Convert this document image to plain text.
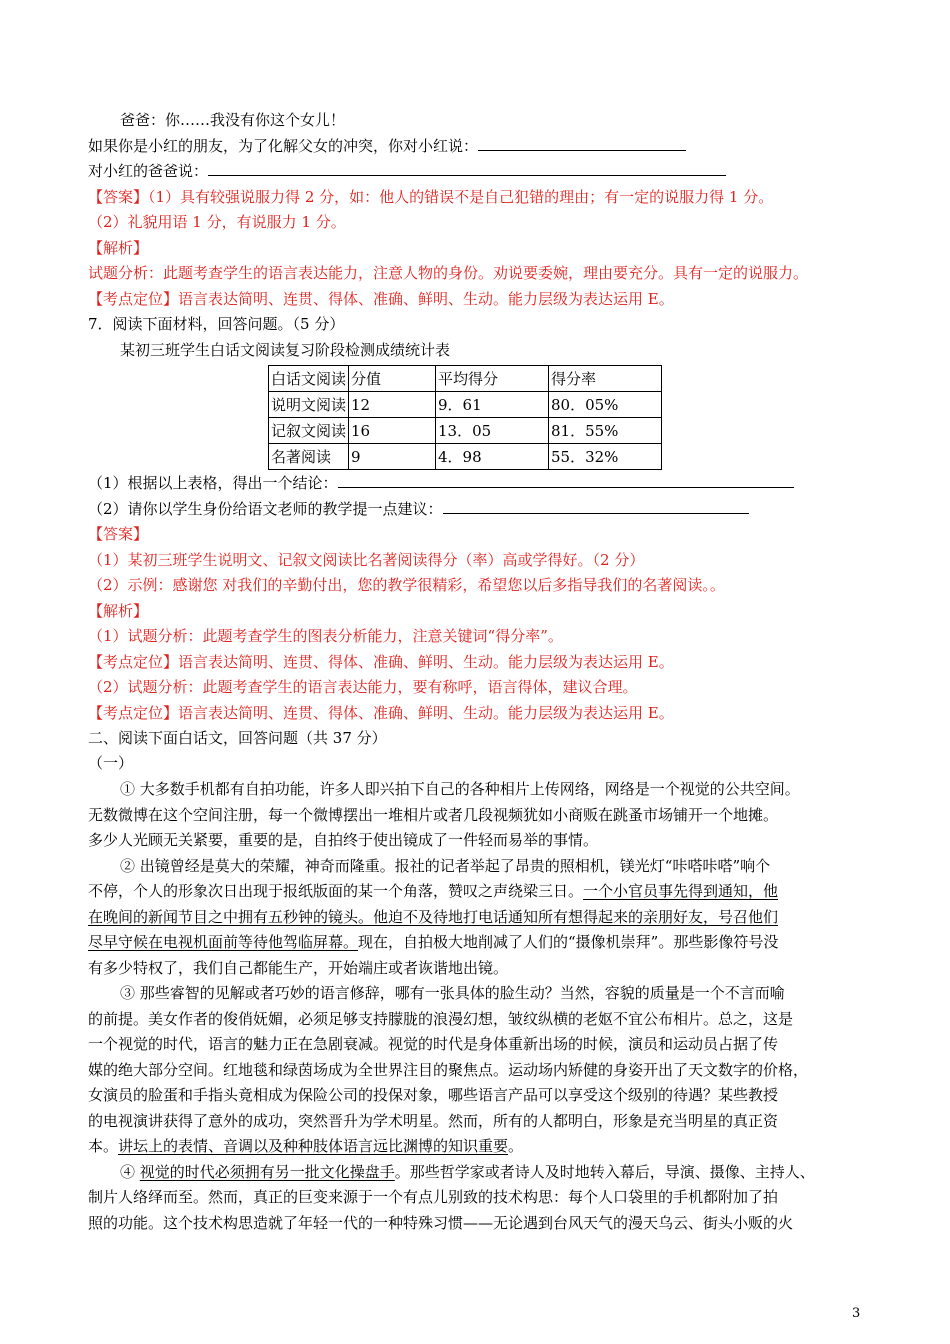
爸爸：你……我没有你这个女儿！
如果你是小红的朋友，为了化解父女的冲突，你对小红说：
对小红的爸爸说：
【答案】（1）具有较强说服力得 2 分，如：他人的错误不是自己犯错的理由；有一定的说服力得 1 分。
（2）礼貌用语 1 分，有说服力 1 分。
【解析】
试题分析：此题考查学生的语言表达能力，注意人物的身份。劝说要委婉，理由要充分。具有一定的说服力。
【考点定位】语言表达简明、连贯、得体、准确、鲜明、生动。能力层级为表达运用 E。
7．阅读下面材料，回答问题。（5 分）
某初三班学生白话文阅读复习阶段检测成绩统计表
白话文阅读	分值	平均得分	得分率
说明文阅读	12	9．61	80．05%
记叙文阅读	16	13．05	81．55%
名著阅读	9	4．98	55．32%
（1）根据以上表格，得出一个结论：
（2）请你以学生身份给语文老师的教学提一点建议：
【答案】
（1）某初三班学生说明文、记叙文阅读比名著阅读得分（率）高或学得好。（2 分）
（2）示例：感谢您 对我们的辛勤付出，您的教学很精彩，希望您以后多指导我们的名著阅读。。
【解析】
（1）试题分析：此题考查学生的图表分析能力，注意关键词“得分率”。
【考点定位】语言表达简明、连贯、得体、准确、鲜明、生动。能力层级为表达运用 E。
（2）试题分析：此题考查学生的语言表达能力，要有称呼，语言得体，建议合理。
【考点定位】语言表达简明、连贯、得体、准确、鲜明、生动。能力层级为表达运用 E。
二、阅读下面白话文，回答问题（共 37 分）
（一）
① 大多数手机都有自拍功能，许多人即兴拍下自己的各种相片上传网络，网络是一个视觉的公共空间。
无数微博在这个空间注册，每一个微博摆出一堆相片或者几段视频犹如小商贩在跳蚤市场铺开一个地摊。
多少人光顾无关紧要，重要的是，自拍终于使出镜成了一件轻而易举的事情。
② 出镜曾经是莫大的荣耀，神奇而隆重。报社的记者举起了昂贵的照相机，镁光灯“咔嗒咔嗒”响个
不停，个人的形象次日出现于报纸版面的某一个角落，赞叹之声绕梁三日。一个小官员事先得到通知，他
在晚间的新闻节目之中拥有五秒钟的镜头。他迫不及待地打电话通知所有想得起来的亲朋好友，号召他们
尽早守候在电视机面前等待他驾临屏幕。现在，自拍极大地削减了人们的“摄像机崇拜”。那些影像符号没
有多少特权了，我们自己都能生产，开始端庄或者诙谐地出镜。
③ 那些睿智的见解或者巧妙的语言修辞，哪有一张具体的脸生动？当然，容貌的质量是一个不言而喻
的前提。美女作者的俊俏妩媚，必须足够支持朦胧的浪漫幻想，皱纹纵横的老妪不宜公布相片。总之，这是
一个视觉的时代，语言的魅力正在急剧衰减。视觉的时代是身体重新出场的时候，演员和运动员占据了传
媒的绝大部分空间。红地毯和绿茵场成为全世界注目的聚焦点。运动场内矫健的身姿开出了天文数字的价格，
女演员的脸蛋和手指头竟相成为保险公司的投保对象，哪些语言产品可以享受这个级别的待遇？某些教授
的电视演讲获得了意外的成功，突然晋升为学术明星。然而，所有的人都明白，形象是充当明星的真正资
本。讲坛上的表情、音调以及种种肢体语言远比渊博的知识重要。
④ 视觉的时代必须拥有另一批文化操盘手。那些哲学家或者诗人及时地转入幕后，导演、摄像、主持人、
制片人络绎而至。然而，真正的巨变来源于一个有点儿别致的技术构思：每个人口袋里的手机都附加了拍
照的功能。这个技术构思造就了年轻一代的一种特殊习惯——无论遇到台风天气的漫天乌云、街头小贩的火
3
